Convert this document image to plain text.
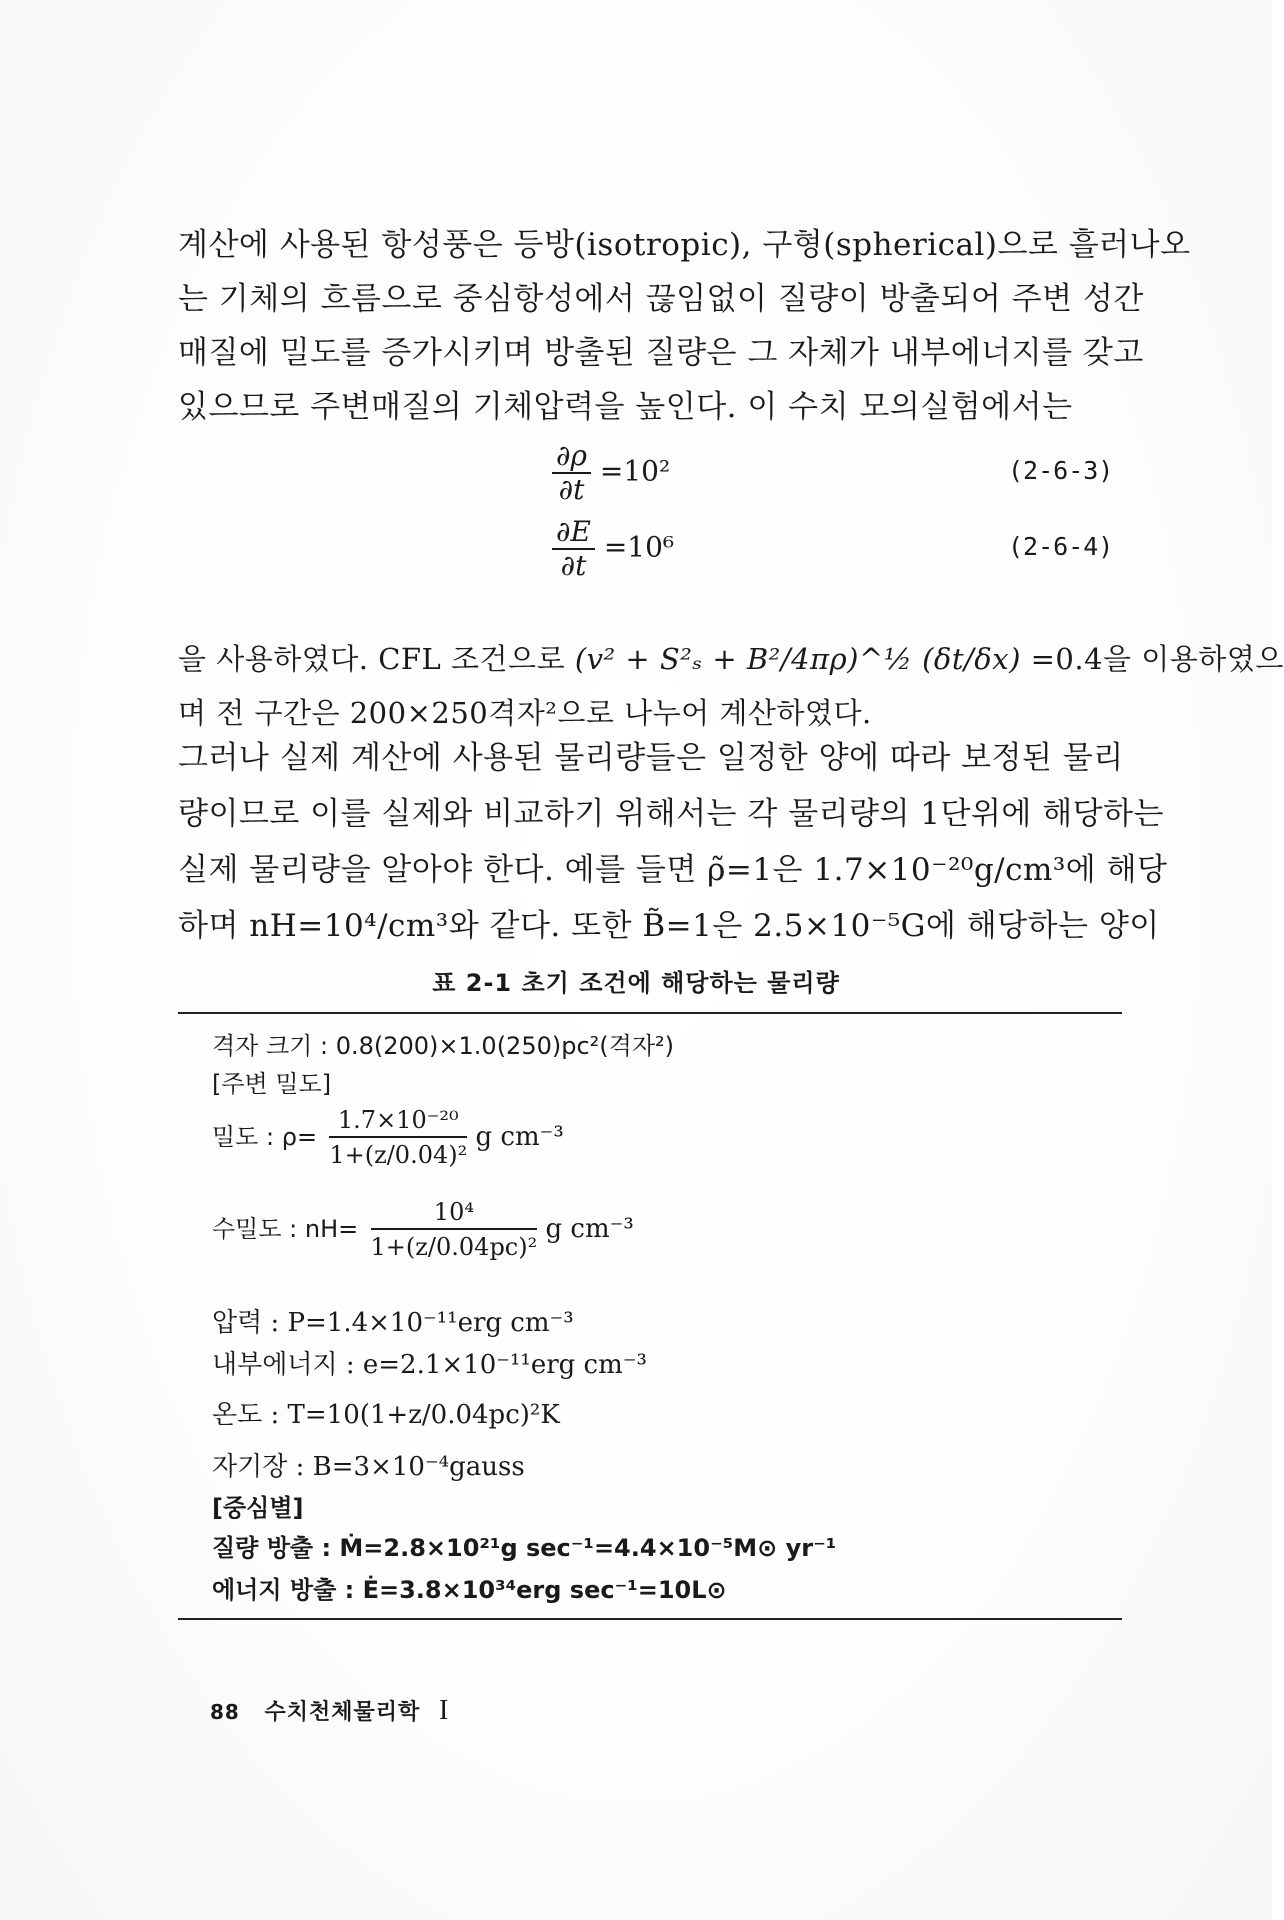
계산에 사용된 항성풍은 등방(isotropic), 구형(spherical)으로 흘러나오
는 기체의 흐름으로 중심항성에서 끊임없이 질량이 방출되어 주변 성간
매질에 밀도를 증가시키며 방출된 질량은 그 자체가 내부에너지를 갖고
있으므로 주변매질의 기체압력을 높인다. 이 수치 모의실험에서는
$\frac{\partial\rho}{\partial t} =10^2$	(2-6-3)
$\frac{\partial E}{\partial t} =10^6$	(2-6-4)
을 사용하였다. CFL 조건으로 (v² + S²ₛ + B²/4πρ)^½ (δt/δx) =0.4을 이용하였으
며 전 구간은 200×250격자²으로 나누어 계산하였다.
그러나 실제 계산에 사용된 물리량들은 일정한 양에 따라 보정된 물리
량이므로 이를 실제와 비교하기 위해서는 각 물리량의 1단위에 해당하는
실제 물리량을 알아야 한다. 예를 들면 ρ̃=1은 1.7×10⁻²⁰g/cm³에 해당
하며 nH=10⁴/cm³와 같다. 또한 B̃=1은 2.5×10⁻⁵G에 해당하는 양이
표 2-1 초기 조건에 해당하는 물리량
격자 크기 : 0.8(200)×1.0(250)pc²(격자²)
[주변 밀도]
밀도 : $\rho= \frac{\text{1.7×10⁻²⁰}}{\text{1+(z/0.04)²}}$ g cm⁻³
수밀도 : $nH= \frac{\text{10⁴}}{\text{1+(z/0.04pc)²}}$ g cm⁻³
압력 : P=1.4×10⁻¹¹erg cm⁻³
내부에너지 : e=2.1×10⁻¹¹erg cm⁻³
온도 : T=10(1+z/0.04pc)²K
자기장 : B=3×10⁻⁴gauss
[중심별]
질량 방출 : Ṁ=2.8×10²¹g sec⁻¹=4.4×10⁻⁵M⊙ yr⁻¹
에너지 방출 : Ė=3.8×10³⁴erg sec⁻¹=10L⊙
88 수치천체물리학 I
